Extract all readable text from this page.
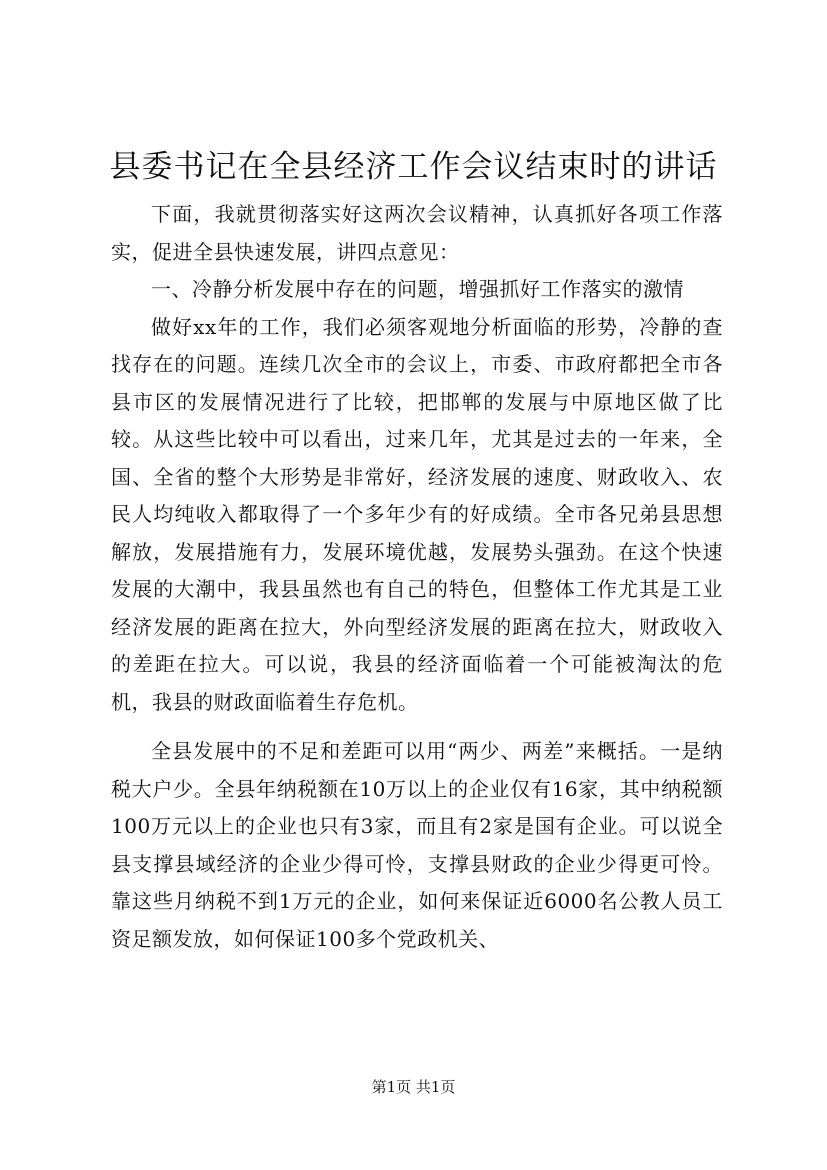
县委书记在全县经济工作会议结束时的讲话

下面，我就贯彻落实好这两次会议精神，认真抓好各项工作落实，促进全县快速发展，讲四点意见：

一、冷静分析发展中存在的问题，增强抓好工作落实的激情

做好xx年的工作，我们必须客观地分析面临的形势，冷静的查找存在的问题。连续几次全市的会议上，市委、市政府都把全市各县市区的发展情况进行了比较，把邯郸的发展与中原地区做了比较。从这些比较中可以看出，过来几年，尤其是过去的一年来，全国、全省的整个大形势是非常好，经济发展的速度、财政收入、农民人均纯收入都取得了一个多年少有的好成绩。全市各兄弟县思想解放，发展措施有力，发展环境优越，发展势头强劲。在这个快速发展的大潮中，我县虽然也有自己的特色，但整体工作尤其是工业经济发展的距离在拉大，外向型经济发展的距离在拉大，财政收入的差距在拉大。可以说，我县的经济面临着一个可能被淘汰的危机，我县的财政面临着生存危机。

全县发展中的不足和差距可以用“两少、两差”来概括。一是纳税大户少。全县年纳税额在10万以上的企业仅有16家，其中纳税额100万元以上的企业也只有3家，而且有2家是国有企业。可以说全县支撑县域经济的企业少得可怜，支撑县财政的企业少得更可怜。靠这些月纳税不到1万元的企业，如何来保证近6000名公教人员工资足额发放，如何保证100多个党政机关、

第1页 共1页
